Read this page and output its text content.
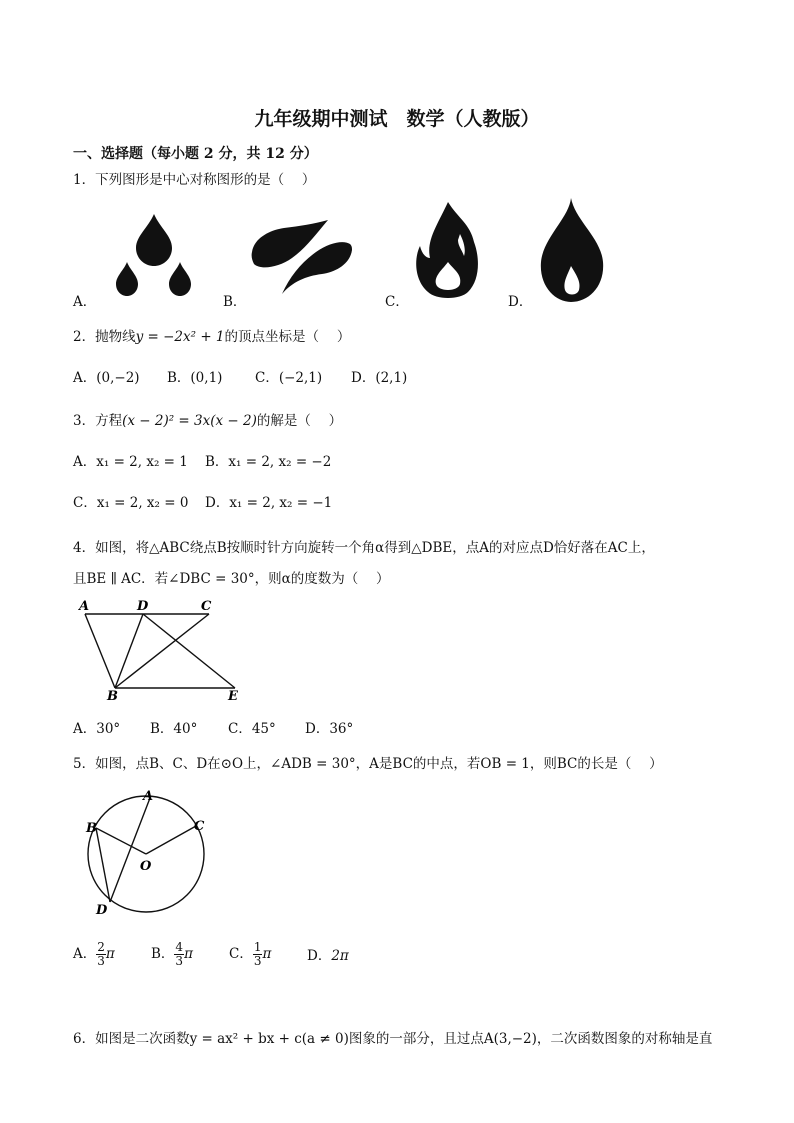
九年级期中测试　数学（人教版）
一、选择题（每小题 2 分，共 12 分）
1．下列图形是中心对称图形的是（　 ）
A．	B．	C．	D．
2．抛物线y = −2x² + 1的顶点坐标是（　 ）
A．(0,−2) B．(0,1) C．(−2,1) D．(2,1)
3．方程(x − 2)² = 3x(x − 2)的解是（　 ）
A．x₁ = 2, x₂ = 1 B．x₁ = 2, x₂ = −2
C．x₁ = 2, x₂ = 0 D．x₁ = 2, x₂ = −1
4．如图，将△ABC绕点B按顺时针方向旋转一个角α得到△DBE，点A的对应点D恰好落在AC上，
且BE ∥ AC．若∠DBC = 30°，则α的度数为（　 ）
A	D	C
B	E
A．30° B．40° C．45° D．36°
5．如图，点B、C、D在⊙O上，∠ADB = 30°，A是BC的中点，若OB = 1，则BC的长是（　 ）
A
B	C
O
D
A． $\frac{2}{3}$ π	B． $\frac{4}{3}$ π	C． $\frac{1}{3}$ π	D．2π
6．如图是二次函数y = ax² + bx + c(a ≠ 0)图象的一部分，且过点A(3,−2)，二次函数图象的对称轴是直
